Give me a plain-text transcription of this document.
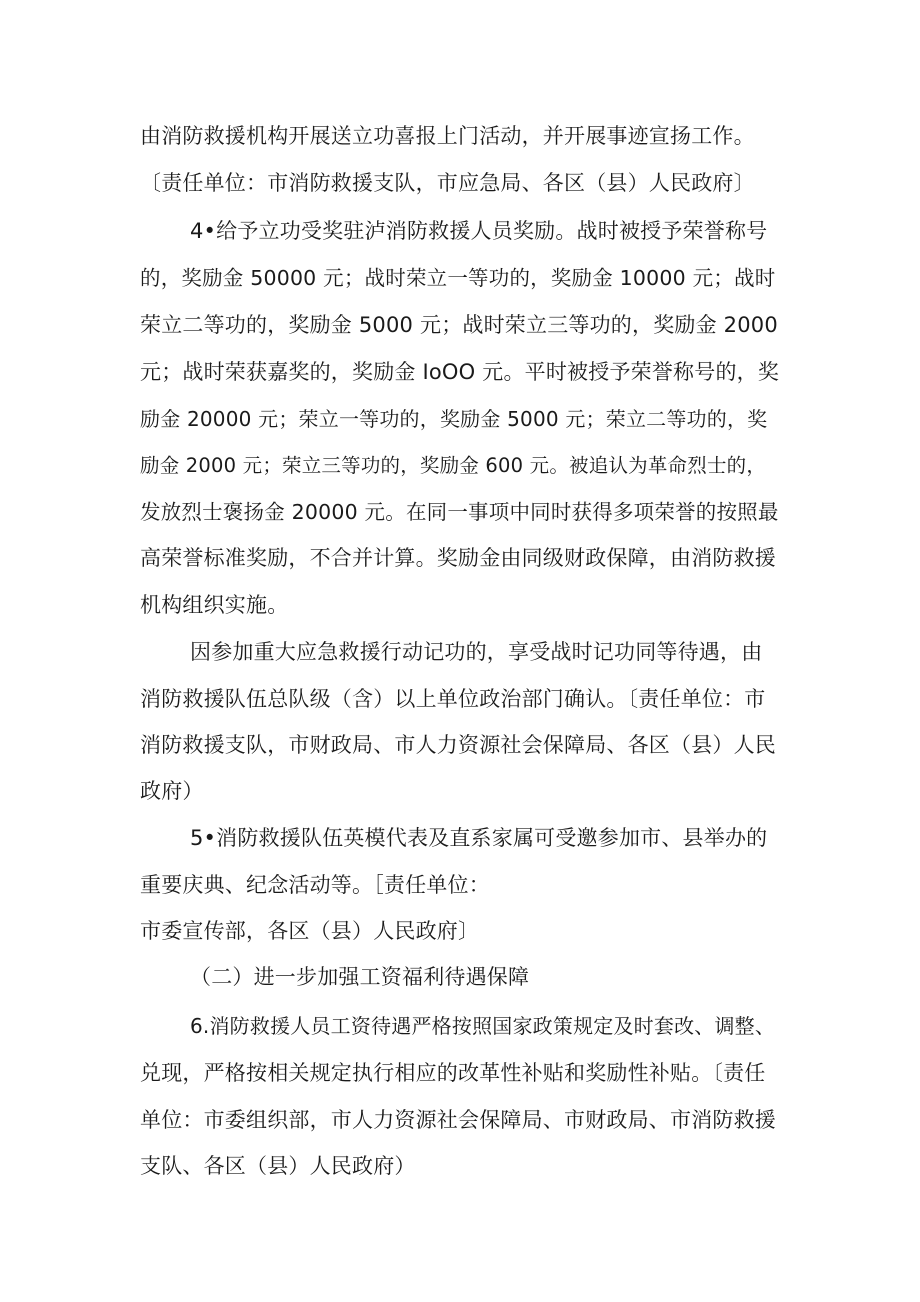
由消防救援机构开展送立功喜报上门活动，并开展事迹宣扬工作。
〔责任单位：市消防救援支队，市应急局、各区（县）人民政府〕
4•给予立功受奖驻泸消防救援人员奖励。战时被授予荣誉称号
的，奖励金 50000 元；战时荣立一等功的，奖励金 10000 元；战时
荣立二等功的，奖励金 5000 元；战时荣立三等功的，奖励金 2000
元；战时荣获嘉奖的，奖励金 IoOO 元。平时被授予荣誉称号的，奖
励金 20000 元；荣立一等功的，奖励金 5000 元；荣立二等功的，奖
励金 2000 元；荣立三等功的，奖励金 600 元。被追认为革命烈士的，
发放烈士褒扬金 20000 元。在同一事项中同时获得多项荣誉的按照最
高荣誉标准奖励，不合并计算。奖励金由同级财政保障，由消防救援
机构组织实施。
因参加重大应急救援行动记功的，享受战时记功同等待遇，由
消防救援队伍总队级（含）以上单位政治部门确认。〔责任单位：市
消防救援支队，市财政局、市人力资源社会保障局、各区（县）人民
政府）
5•消防救援队伍英模代表及直系家属可受邀参加市、县举办的
重要庆典、纪念活动等。［责任单位：
市委宣传部，各区（县）人民政府〕
（二）进一步加强工资福利待遇保障
6.消防救援人员工资待遇严格按照国家政策规定及时套改、调整、
兑现，严格按相关规定执行相应的改革性补贴和奖励性补贴。〔责任
单位：市委组织部，市人力资源社会保障局、市财政局、市消防救援
支队、各区（县）人民政府）
